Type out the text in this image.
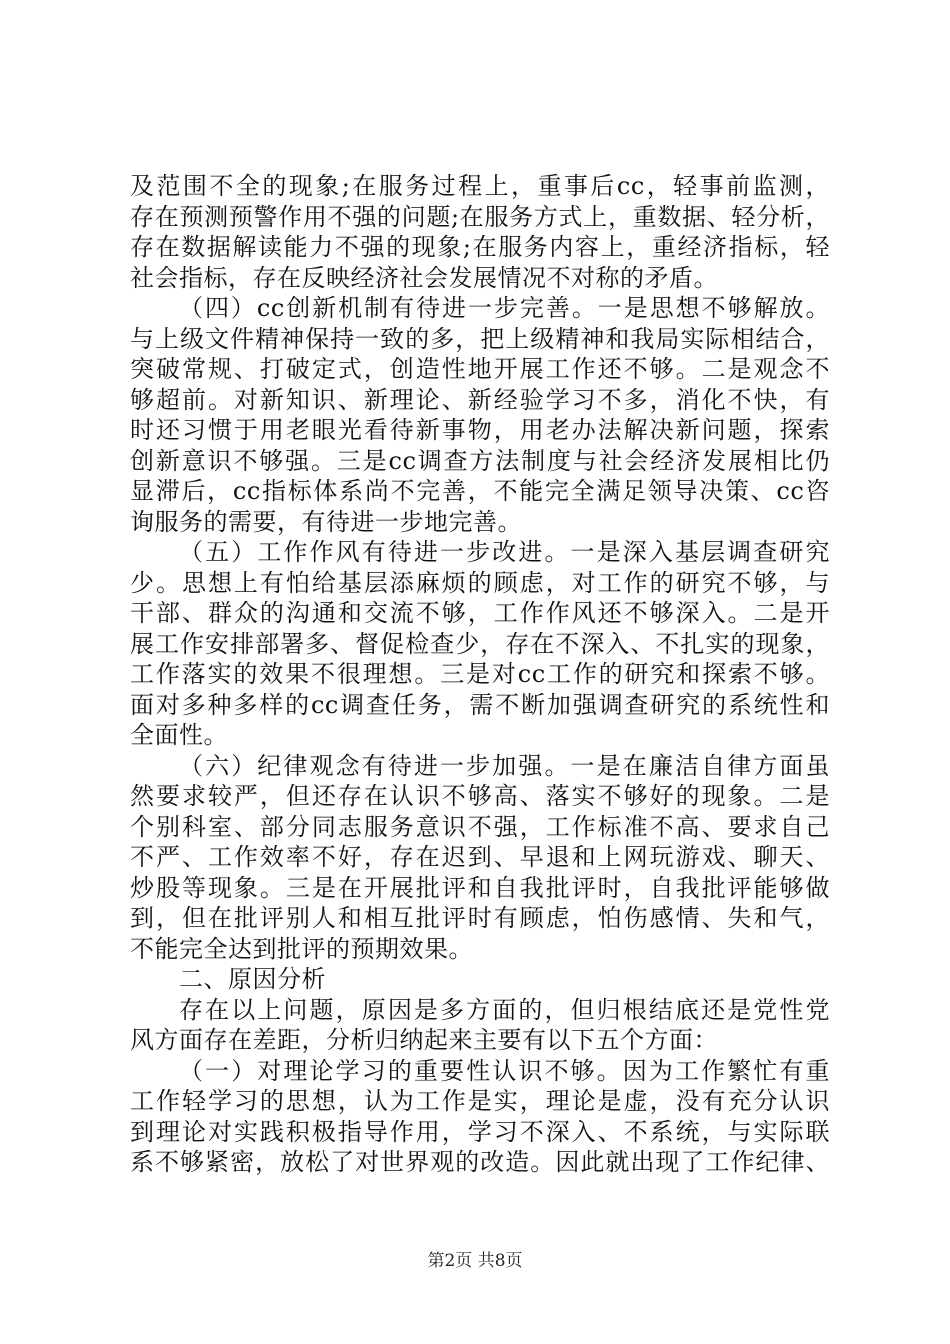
及范围不全的现象;在服务过程上，重事后cc，轻事前监测，
存在预测预警作用不强的问题;在服务方式上，重数据、轻分析，
存在数据解读能力不强的现象;在服务内容上，重经济指标，轻
社会指标，存在反映经济社会发展情况不对称的矛盾。
（四）cc创新机制有待进一步完善。一是思想不够解放。
与上级文件精神保持一致的多，把上级精神和我局实际相结合，
突破常规、打破定式，创造性地开展工作还不够。二是观念不
够超前。对新知识、新理论、新经验学习不多，消化不快，有
时还习惯于用老眼光看待新事物，用老办法解决新问题，探索
创新意识不够强。三是cc调查方法制度与社会经济发展相比仍
显滞后，cc指标体系尚不完善，不能完全满足领导决策、cc咨
询服务的需要，有待进一步地完善。
（五）工作作风有待进一步改进。一是深入基层调查研究
少。思想上有怕给基层添麻烦的顾虑，对工作的研究不够，与
干部、群众的沟通和交流不够，工作作风还不够深入。二是开
展工作安排部署多、督促检查少，存在不深入、不扎实的现象，
工作落实的效果不很理想。三是对cc工作的研究和探索不够。
面对多种多样的cc调查任务，需不断加强调查研究的系统性和
全面性。
（六）纪律观念有待进一步加强。一是在廉洁自律方面虽
然要求较严，但还存在认识不够高、落实不够好的现象。二是
个别科室、部分同志服务意识不强，工作标准不高、要求自己
不严、工作效率不好，存在迟到、早退和上网玩游戏、聊天、
炒股等现象。三是在开展批评和自我批评时，自我批评能够做
到，但在批评别人和相互批评时有顾虑，怕伤感情、失和气，
不能完全达到批评的预期效果。
二、原因分析
存在以上问题，原因是多方面的，但归根结底还是党性党
风方面存在差距，分析归纳起来主要有以下五个方面：
（一）对理论学习的重要性认识不够。因为工作繁忙有重
工作轻学习的思想，认为工作是实，理论是虚，没有充分认识
到理论对实践积极指导作用，学习不深入、不系统，与实际联
系不够紧密，放松了对世界观的改造。因此就出现了工作纪律、
第2页 共8页
